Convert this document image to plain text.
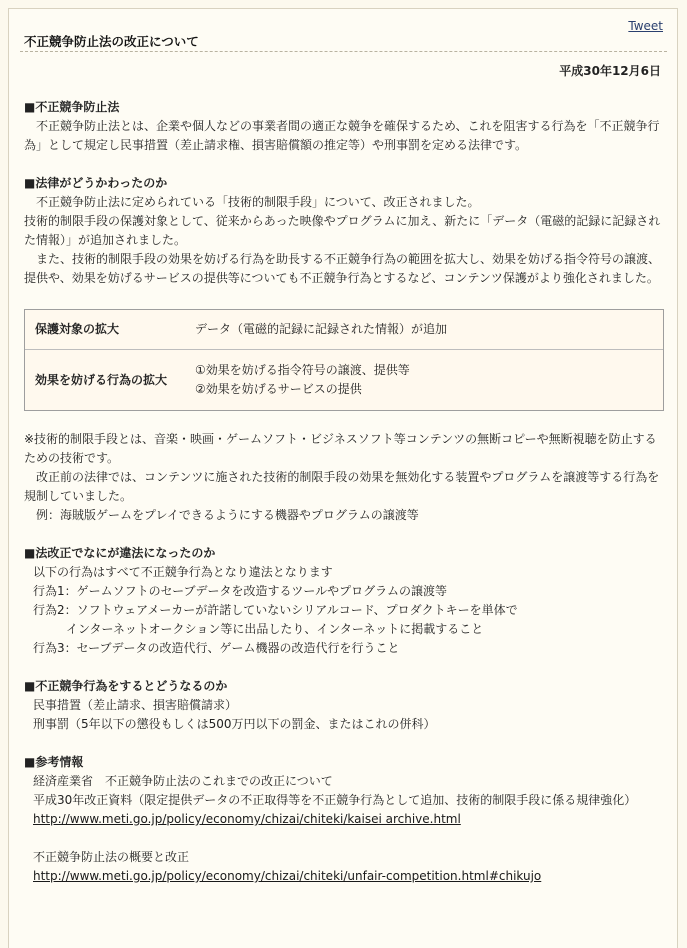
Tweet
不正競争防止法の改正について
平成30年12月6日

■不正競争防止法

　不正競争防止法とは、企業や個人などの事業者間の適正な競争を確保するため、これを阻害する行為を「不正競争行為」として規定し民事措置（差止請求権、損害賠償額の推定等）や刑事罰を定める法律です。

■法律がどうかわったのか

　不正競争防止法に定められている「技術的制限手段」について、改正されました。

技術的制限手段の保護対象として、従来からあった映像やプログラムに加え、新たに「データ（電磁的記録に記録された情報）」が追加されました。

　また、技術的制限手段の効果を妨げる行為を助長する不正競争行為の範囲を拡大し、効果を妨げる指令符号の譲渡、提供や、効果を妨げるサービスの提供等についても不正競争行為とするなど、コンテンツ保護がより強化されました。

保護対象の拡大	データ（電磁的記録に記録された情報）が追加
効果を妨げる行為の拡大
①効果を妨げる指令符号の譲渡、提供等
②効果を妨げるサービスの提供

※技術的制限手段とは、音楽・映画・ゲームソフト・ビジネスソフト等コンテンツの無断コピーや無断視聴を防止するための技術です。

　改正前の法律では、コンテンツに施された技術的制限手段の効果を無効化する装置やプログラムを譲渡等する行為を規制していました。

　例：海賊版ゲームをプレイできるようにする機器やプログラムの譲渡等

■法改正でなにが違法になったのか

以下の行為はすべて不正競争行為となり違法となります

行為1：ゲームソフトのセーブデータを改造するツールやプログラムの譲渡等

行為2：ソフトウェアメーカーが許諾していないシリアルコード、プロダクトキーを単体で

インターネットオークション等に出品したり、インターネットに掲載すること

行為3：セーブデータの改造代行、ゲーム機器の改造代行を行うこと

■不正競争行為をするとどうなるのか

民事措置（差止請求、損害賠償請求）

刑事罰（5年以下の懲役もしくは500万円以下の罰金、またはこれの併科）

■参考情報

経済産業省　不正競争防止法のこれまでの改正について

平成30年改正資料（限定提供データの不正取得等を不正競争行為として追加、技術的制限手段に係る規律強化）

http://www.meti.go.jp/policy/economy/chizai/chiteki/kaisei archive.html

不正競争防止法の概要と改正

http://www.meti.go.jp/policy/economy/chizai/chiteki/unfair-competition.html#chikujo
